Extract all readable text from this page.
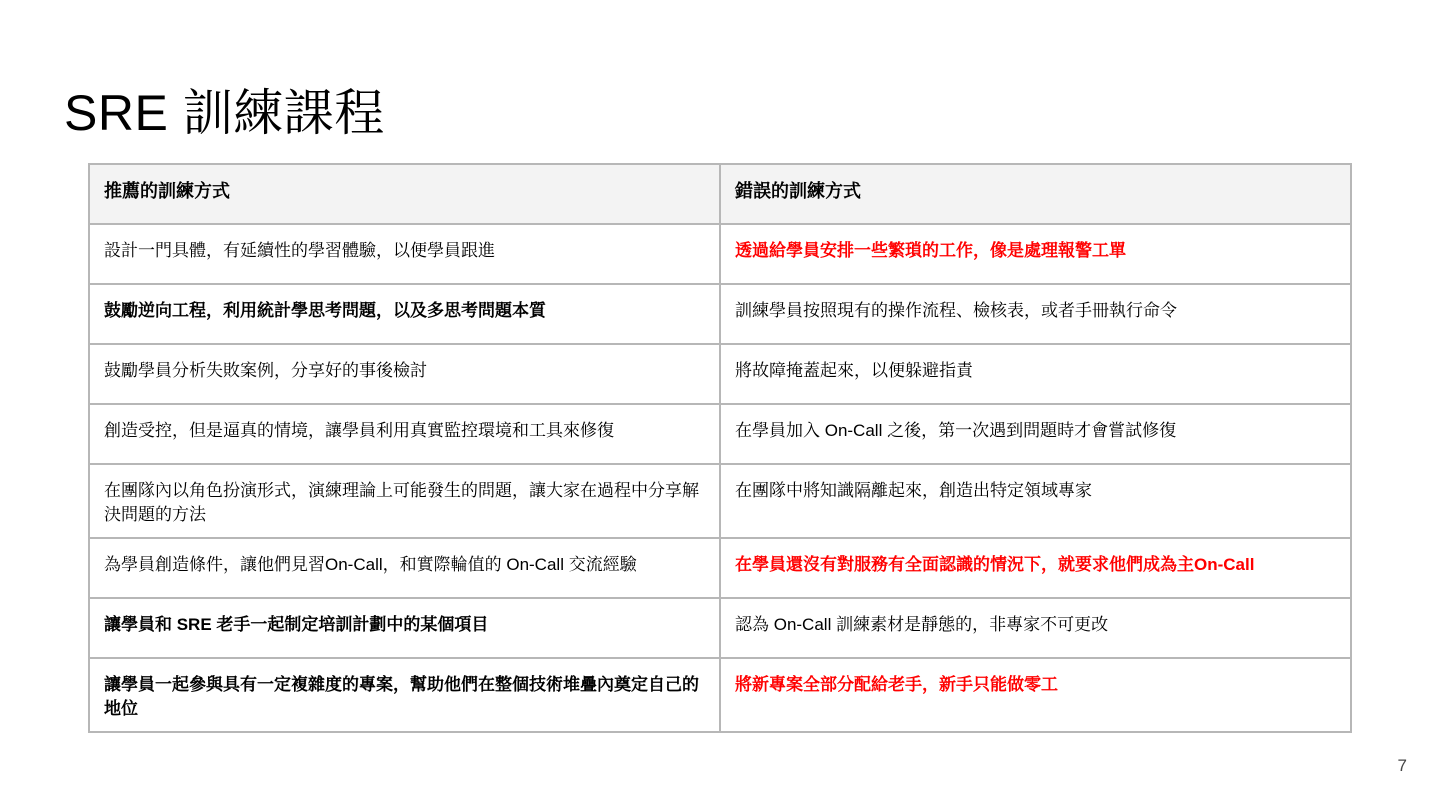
SRE 訓練課程
推薦的訓練方式	錯誤的訓練方式
設計一門具體，有延續性的學習體驗，以便學員跟進	透過給學員安排一些繁瑣的工作，像是處理報警工單
鼓勵逆向工程，利用統計學思考問題，以及多思考問題本質	訓練學員按照現有的操作流程、檢核表，或者手冊執行命令
鼓勵學員分析失敗案例，分享好的事後檢討	將故障掩蓋起來，以便躲避指責
創造受控，但是逼真的情境，讓學員利用真實監控環境和工具來修復	在學員加入 On-Call 之後，第一次遇到問題時才會嘗試修復
在團隊內以角色扮演形式，演練理論上可能發生的問題，讓大家在過程中分享解決問題的方法	在團隊中將知識隔離起來，創造出特定領域專家
為學員創造條件，讓他們見習On-Call，和實際輪值的 On-Call 交流經驗	在學員還沒有對服務有全面認識的情況下，就要求他們成為主On-Call
讓學員和 SRE 老手一起制定培訓計劃中的某個項目	認為 On-Call 訓練素材是靜態的，非專家不可更改
讓學員一起參與具有一定複雜度的專案，幫助他們在整個技術堆疊內奠定自己的地位	將新專案全部分配給老手，新手只能做零工
7
